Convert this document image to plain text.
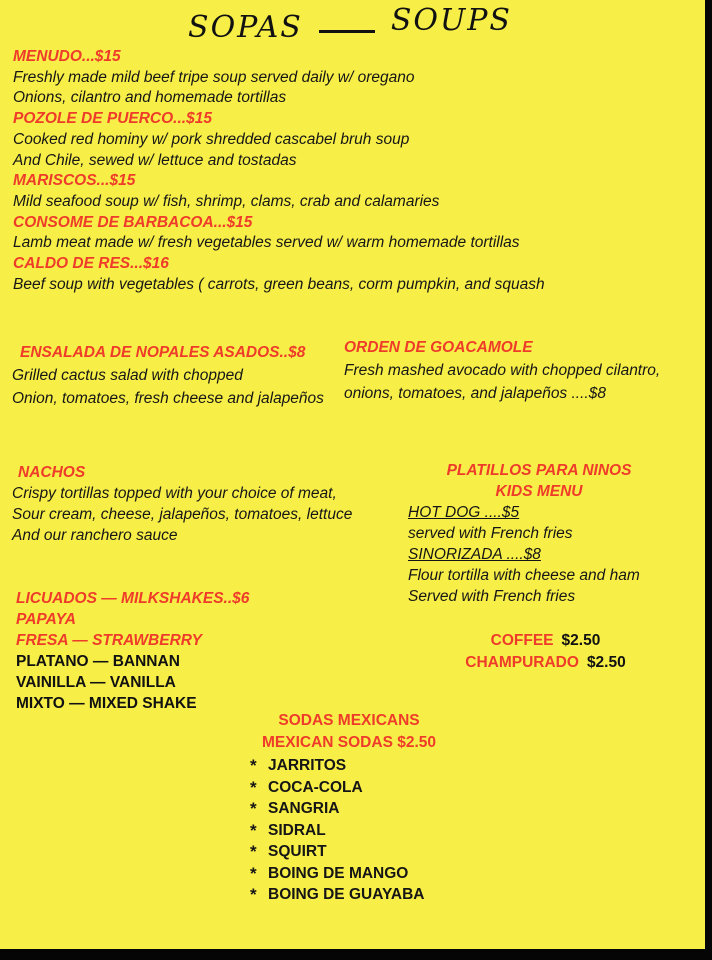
SOPAS	SOUPS
MENUDO...$15
Freshly made mild beef tripe soup served daily w/ oregano
Onions, cilantro and homemade tortillas
POZOLE DE PUERCO...$15
Cooked red hominy w/ pork shredded cascabel bruh soup
And Chile, sewed w/ lettuce and tostadas
MARISCOS...$15
Mild seafood soup w/ fish, shrimp, clams, crab and calamaries
CONSOME DE BARBACOA...$15
Lamb meat made w/ fresh vegetables served w/ warm homemade tortillas
CALDO DE RES...$16
Beef soup with vegetables ( carrots, green beans, corm pumpkin, and squash
ENSALADA DE NOPALES ASADOS..$8
Grilled cactus salad with chopped
Onion, tomatoes, fresh cheese and jalapeños
ORDEN DE GOACAMOLE
Fresh mashed avocado with chopped cilantro,
onions, tomatoes, and jalapeños ....$8
NACHOS
Crispy tortillas topped with your choice of meat,
Sour cream, cheese, jalapeños, tomatoes, lettuce
And our ranchero sauce
PLATILLOS PARA NINOS
KIDS MENU
HOT DOG ....$5
served with French fries
SINORIZADA ....$8
Flour tortilla with cheese and ham
Served with French fries
LICUADOS — MILKSHAKES..$6
PAPAYA
FRESA — STRAWBERRY
PLATANO — BANNAN
VAINILLA — VANILLA
MIXTO — MIXED SHAKE
COFFEE $2.50
CHAMPURADO $2.50
SODAS MEXICANS
MEXICAN SODAS $2.50
* JARRITOS
* COCA-COLA
* SANGRIA
* SIDRAL
* SQUIRT
* BOING DE MANGO
* BOING DE GUAYABA
